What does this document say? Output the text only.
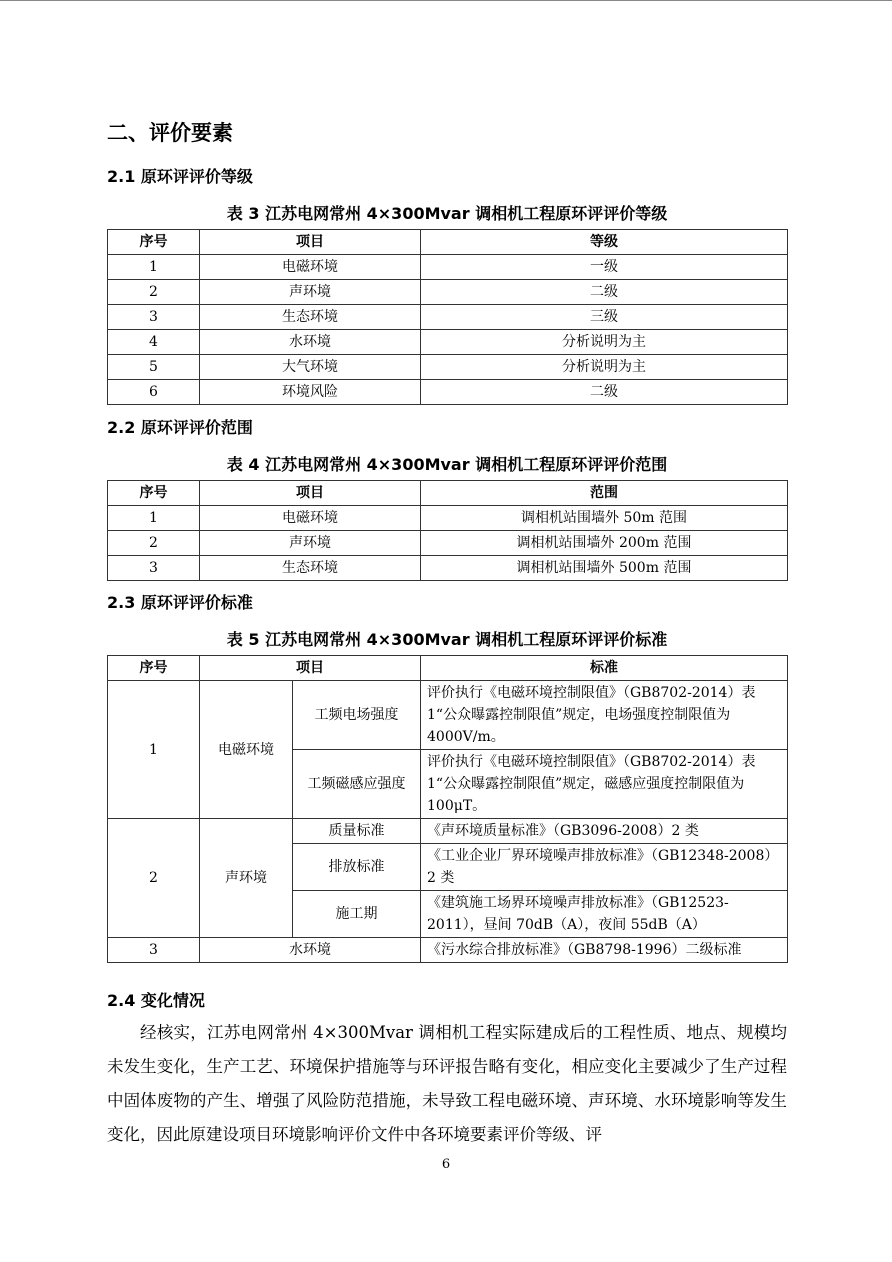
二、评价要素
2.1 原环评评价等级
表 3 江苏电网常州 4×300Mvar 调相机工程原环评评价等级
序号	项目	等级
1	电磁环境	一级
2	声环境	二级
3	生态环境	三级
4	水环境	分析说明为主
5	大气环境	分析说明为主
6	环境风险	二级
2.2 原环评评价范围
表 4 江苏电网常州 4×300Mvar 调相机工程原环评评价范围
序号	项目	范围
1	电磁环境	调相机站围墙外 50m 范围
2	声环境	调相机站围墙外 200m 范围
3	生态环境	调相机站围墙外 500m 范围
2.3 原环评评价标准
表 5 江苏电网常州 4×300Mvar 调相机工程原环评评价标准
序号	项目		标准
1	电磁环境	工频电场强度	评价执行《电磁环境控制限值》（GB8702-2014）表1“公众曝露控制限值”规定，电场强度控制限值为4000V/m。
		工频磁感应强度	评价执行《电磁环境控制限值》（GB8702-2014）表1“公众曝露控制限值”规定，磁感应强度控制限值为 100μT。
2	声环境	质量标准	《声环境质量标准》（GB3096-2008）2 类
		排放标准	《工业企业厂界环境噪声排放标准》（GB12348-2008）2 类
		施工期	《建筑施工场界环境噪声排放标准》（GB12523-2011），昼间 70dB（A），夜间 55dB（A）
3	水环境		《污水综合排放标准》（GB8798-1996）二级标准
2.4 变化情况

经核实，江苏电网常州 4×300Mvar 调相机工程实际建成后的工程性质、地点、规模均未发生变化，生产工艺、环境保护措施等与环评报告略有变化，相应变化主要减少了生产过程中固体废物的产生、增强了风险防范措施，未导致工程电磁环境、声环境、水环境影响等发生变化，因此原建设项目环境影响评价文件中各环境要素评价等级、评

6
